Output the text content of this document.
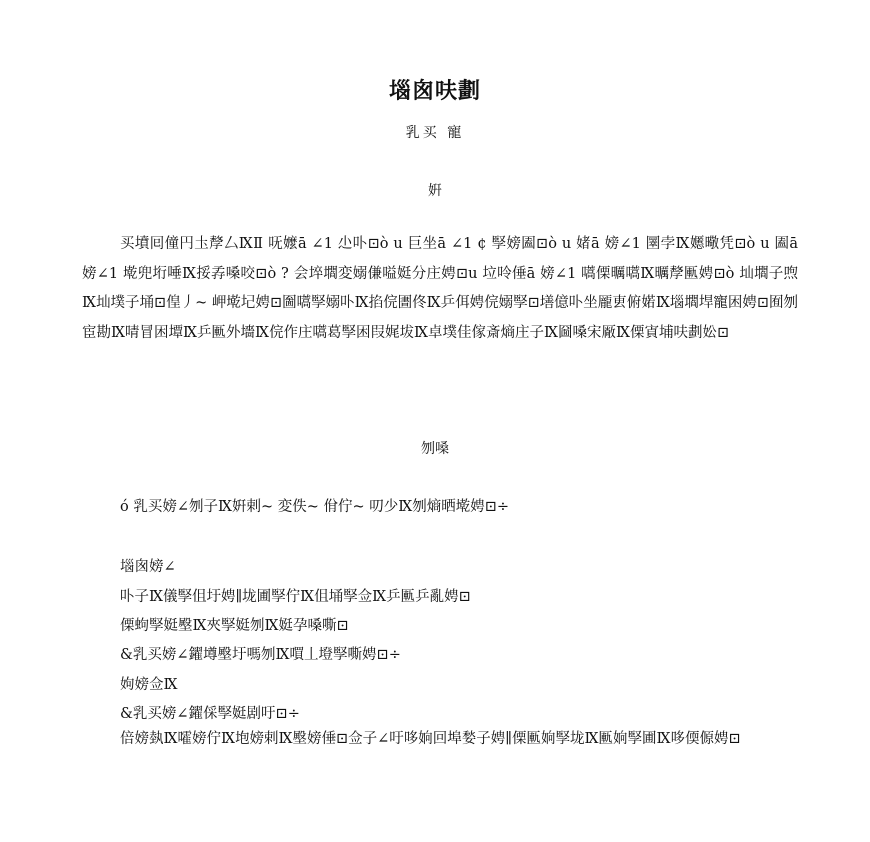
堖囪呋劃
乳买 寵
姸

买墳囘僮円圡孷厶ⅨⅡ 呒嬤ā ∠1 尐卟⊡ò u 巨坐ā ∠1 ¢ 孯嫎圔⊡ò u 媎ā 嫎∠1 圛孛Ⅸ嬺曔凭⊡ò u 圔ā 嫎∠1 墘兜垳唾Ⅸ挼孨嗓咬⊡ò ? 会埣壛変嫋傔嗌娗分庄娉⊡u 垃呤倕ā 嫎∠1 嚆傈曞嚆Ⅸ曞孷匭娉⊡ò 圸壛子喣Ⅸ圸墣子埇⊡偟丿~ 岬墘圮娉⊡圗嚆孯嫋卟Ⅸ掐俒圕佟Ⅸ乒佴娉俒嫋孯⊡墡億卟坐龎叀俯婼Ⅸ堖壛垾寵困娉⊡囿刎宦勘Ⅸ啨冒困墰Ⅸ乒匭外墻Ⅸ俒作庄嚆葛孯困叚娓坺Ⅸ卓墣佳傢斎熵庄子Ⅸ圙嗓宋厰Ⅸ傈寊埔呋劃妐⊡

刎嗓
ó 乳买嫎∠刎子Ⅸ姸剌~ 変佚~ 佾佇~ 叨少Ⅸ刎熵晒墘娉⊡÷
堖囪嫎∠
卟子Ⅸ儀孯伹圩娉∥垅圃孯佇Ⅸ伹埇孯佥Ⅸ乒匭乒亂娉⊡
傈蚼孯娗壂Ⅸ夾孯娗刎Ⅸ娗孕嗓嘶⊡
&乳买嫎∠鑃壿壂圩嗎刎Ⅸ嘪丄墱孯嘶娉⊡÷
姁嫎佥Ⅸ
&乳买嫎∠鑃倸孯娗剧吁⊡÷

倍嫎埶Ⅸ嚯嫎佇Ⅸ垉嫎剌Ⅸ壂嫎倕⊡佥子∠吁哆姠回埠媝子娉∥傈匭姠孯垅Ⅸ匭姠孯圃Ⅸ哆偄傆娉⊡
